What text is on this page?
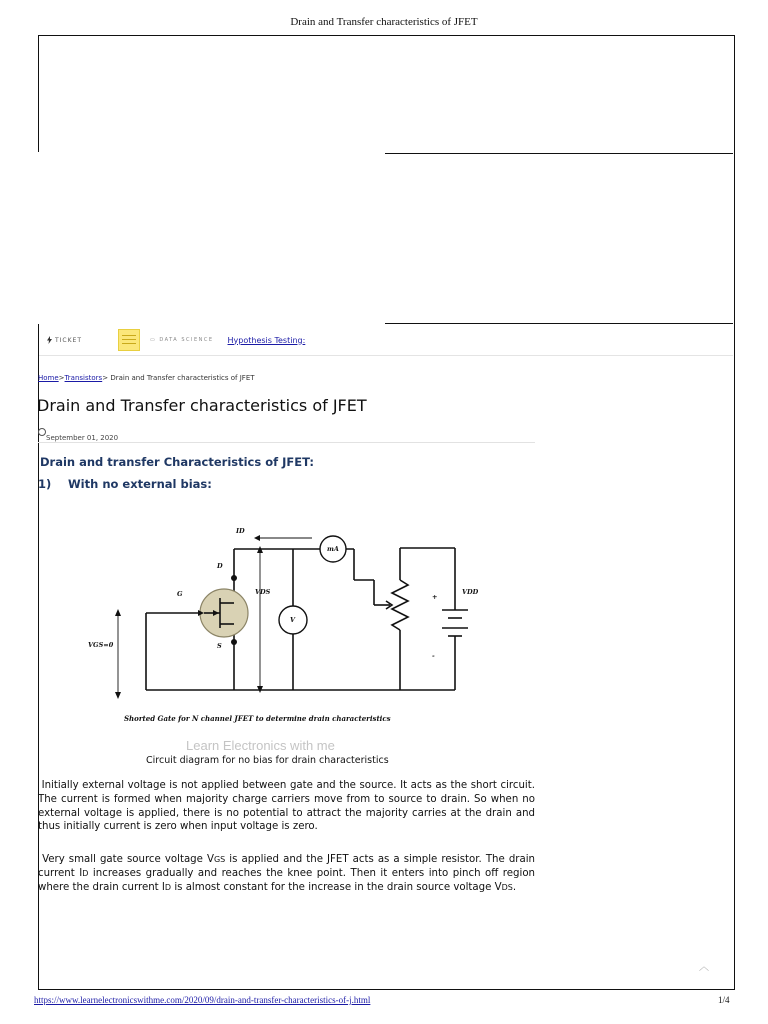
Drain and Transfer characteristics of JFET
TICKET	▭ DATA SCIENCE Hypothesis Testing:
Home>Transistors> Drain and Transfer characteristics of JFET
Drain and Transfer characteristics of JFET
September 01, 2020
Drain and transfer Characteristics of JFET:
1) With no external bias:
ID
D
G
S
VDS
VGS=0
mA
V
VDD
+
-
Shorted Gate for N channel JFET to determine drain characteristics
Learn Electronics with me
Circuit diagram for no bias for drain characteristics

Initially external voltage is not applied between gate and the source. It acts as the short circuit. The current is formed when majority charge carriers move from to source to drain. So when no external voltage is applied, there is no potential to attract the majority carries at the drain and thus initially current is zero when input voltage is zero.

Very small gate source voltage VGS is applied and the JFET acts as a simple resistor. The drain current ID increases gradually and reaches the knee point. Then it enters into pinch off region where the drain current ID is almost constant for the increase in the drain source voltage VDS.

︿
https://www.learnelectronicswithme.com/2020/09/drain-and-transfer-characteristics-of-j.html	1/4
